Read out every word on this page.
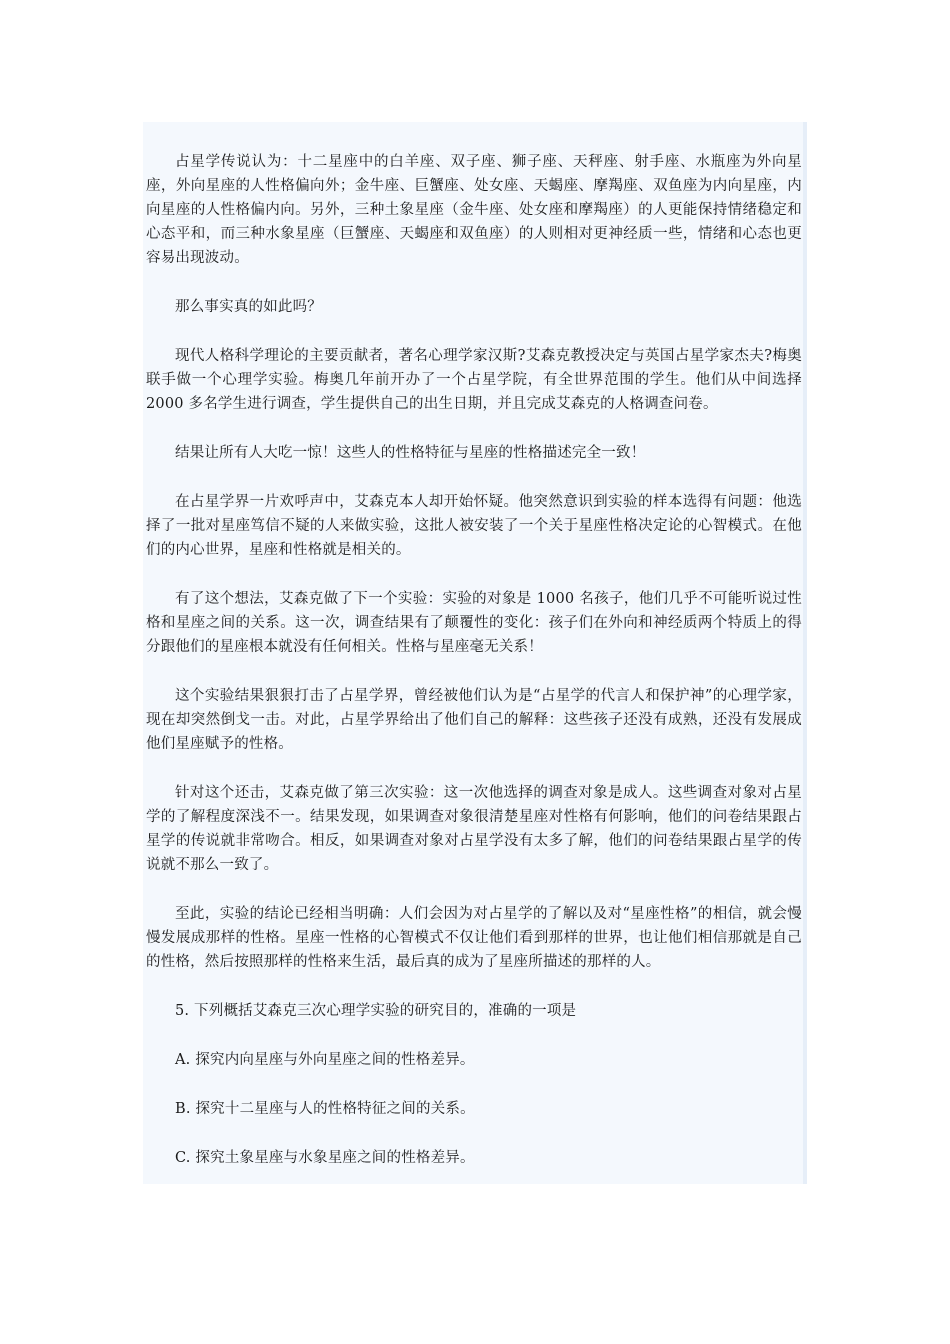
占星学传说认为：十二星座中的白羊座、双子座、狮子座、天秤座、射手座、水瓶座为外向星座，外向星座的人性格偏向外；金牛座、巨蟹座、处女座、天蝎座、摩羯座、双鱼座为内向星座，内向星座的人性格偏内向。另外，三种土象星座（金牛座、处女座和摩羯座）的人更能保持情绪稳定和心态平和，而三种水象星座（巨蟹座、天蝎座和双鱼座）的人则相对更神经质一些，情绪和心态也更容易出现波动。

那么事实真的如此吗？

现代人格科学理论的主要贡献者，著名心理学家汉斯?艾森克教授决定与英国占星学家杰夫?梅奥联手做一个心理学实验。梅奥几年前开办了一个占星学院，有全世界范围的学生。他们从中间选择 2000 多名学生进行调查，学生提供自己的出生日期，并且完成艾森克的人格调查问卷。

结果让所有人大吃一惊！这些人的性格特征与星座的性格描述完全一致！

在占星学界一片欢呼声中，艾森克本人却开始怀疑。他突然意识到实验的样本选得有问题：他选择了一批对星座笃信不疑的人来做实验，这批人被安装了一个关于星座性格决定论的心智模式。在他们的内心世界，星座和性格就是相关的。

有了这个想法，艾森克做了下一个实验：实验的对象是 1000 名孩子，他们几乎不可能听说过性格和星座之间的关系。这一次，调查结果有了颠覆性的变化：孩子们在外向和神经质两个特质上的得分跟他们的星座根本就没有任何相关。性格与星座毫无关系！

这个实验结果狠狠打击了占星学界，曾经被他们认为是“占星学的代言人和保护神”的心理学家，现在却突然倒戈一击。对此，占星学界给出了他们自己的解释：这些孩子还没有成熟，还没有发展成他们星座赋予的性格。

针对这个还击，艾森克做了第三次实验：这一次他选择的调查对象是成人。这些调查对象对占星学的了解程度深浅不一。结果发现，如果调查对象很清楚星座对性格有何影响，他们的问卷结果跟占星学的传说就非常吻合。相反，如果调查对象对占星学没有太多了解，他们的问卷结果跟占星学的传说就不那么一致了。

至此，实验的结论已经相当明确：人们会因为对占星学的了解以及对“星座性格”的相信，就会慢慢发展成那样的性格。星座一性格的心智模式不仅让他们看到那样的世界，也让他们相信那就是自己的性格，然后按照那样的性格来生活，最后真的成为了星座所描述的那样的人。

5. 下列概括艾森克三次心理学实验的研究目的，准确的一项是

A. 探究内向星座与外向星座之间的性格差异。

B. 探究十二星座与人的性格特征之间的关系。

C. 探究土象星座与水象星座之间的性格差异。
